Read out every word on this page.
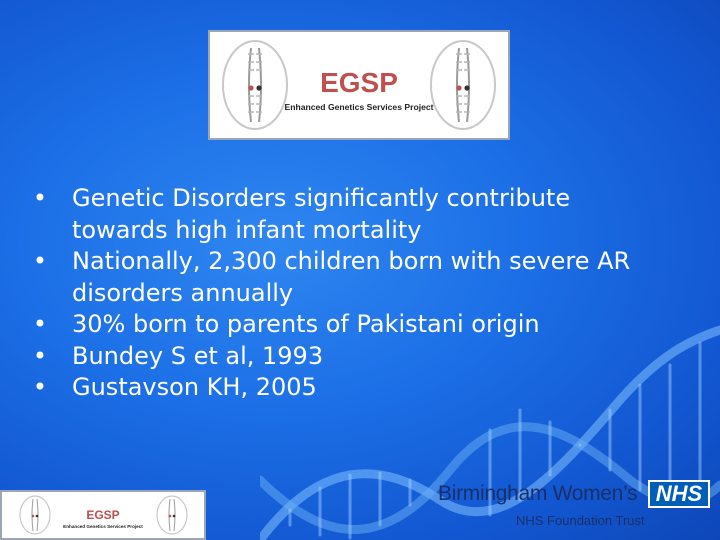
EGSP
Enhanced Genetics Services Project
• Genetic Disorders significantly contribute towards high infant mortality
• Nationally, 2,300 children born with severe AR disorders annually
• 30% born to parents of Pakistani origin
• Bundey S et al, 1993
• Gustavson KH, 2005
EGSP
Enhanced Genetics Services Project
Birmingham Women’s NHS
NHS Foundation Trust
